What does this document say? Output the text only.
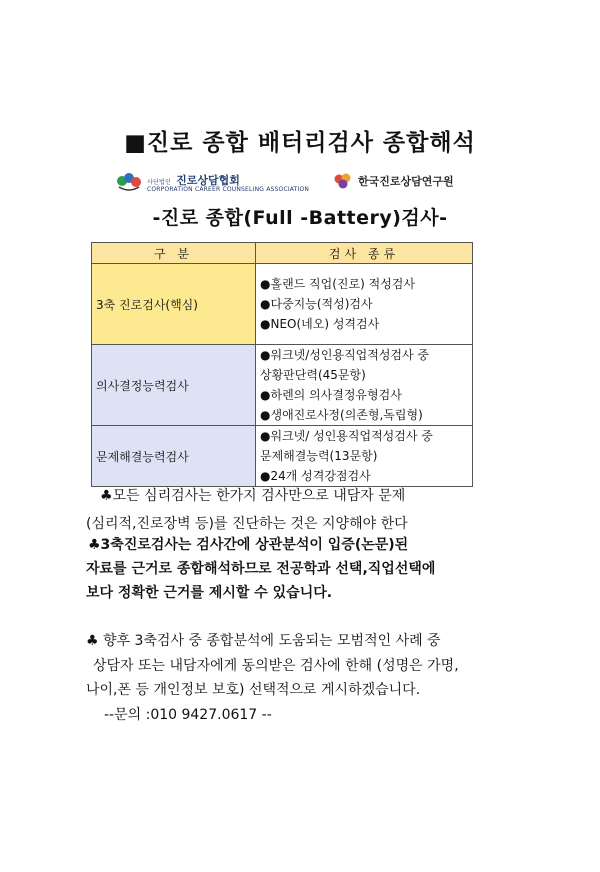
■진로 종합 배터리검사 종합해석
사단법인 진로상담협회
CORPORATION CAREER COUNSELING ASSOCIATION
한국진로상담연구원
-진로 종합(Full -Battery)검사-
구 분	검사 종류
3축 진로검사(핵심)	●홀랜드 직업(진로) 적성검사
●다중지능(적성)검사
●NEO(네오) 성격검사

의사결정능력검사	●워크넷/성인용직업적성검사 중
상황판단력(45문항)
●하렌의 의사결정유형검사
●생애진로사정(의존형,독립형)

문제해결능력검사	●워크넷/ 성인용직업적성검사 중
문제해결능력(13문항)
●24개 성격강점검사
♣모든 심리검사는 한가지 검사만으로 내담자 문제
(심리적,진로장벽 등)를 진단하는 것은 지양해야 한다
♣3축진로검사는 검사간에 상관분석이 입증(논문)된
자료를 근거로 종합해석하므로 전공학과 선택,직업선택에
보다 정확한 근거를 제시할 수 있습니다.
♣ 향후 3축검사 중 종합분석에 도움되는 모범적인 사례 중
상담자 또는 내담자에게 동의받은 검사에 한해 (성명은 가명,
나이,폰 등 개인정보 보호) 선택적으로 게시하겠습니다.
--문의 :010 9427.0617 --
